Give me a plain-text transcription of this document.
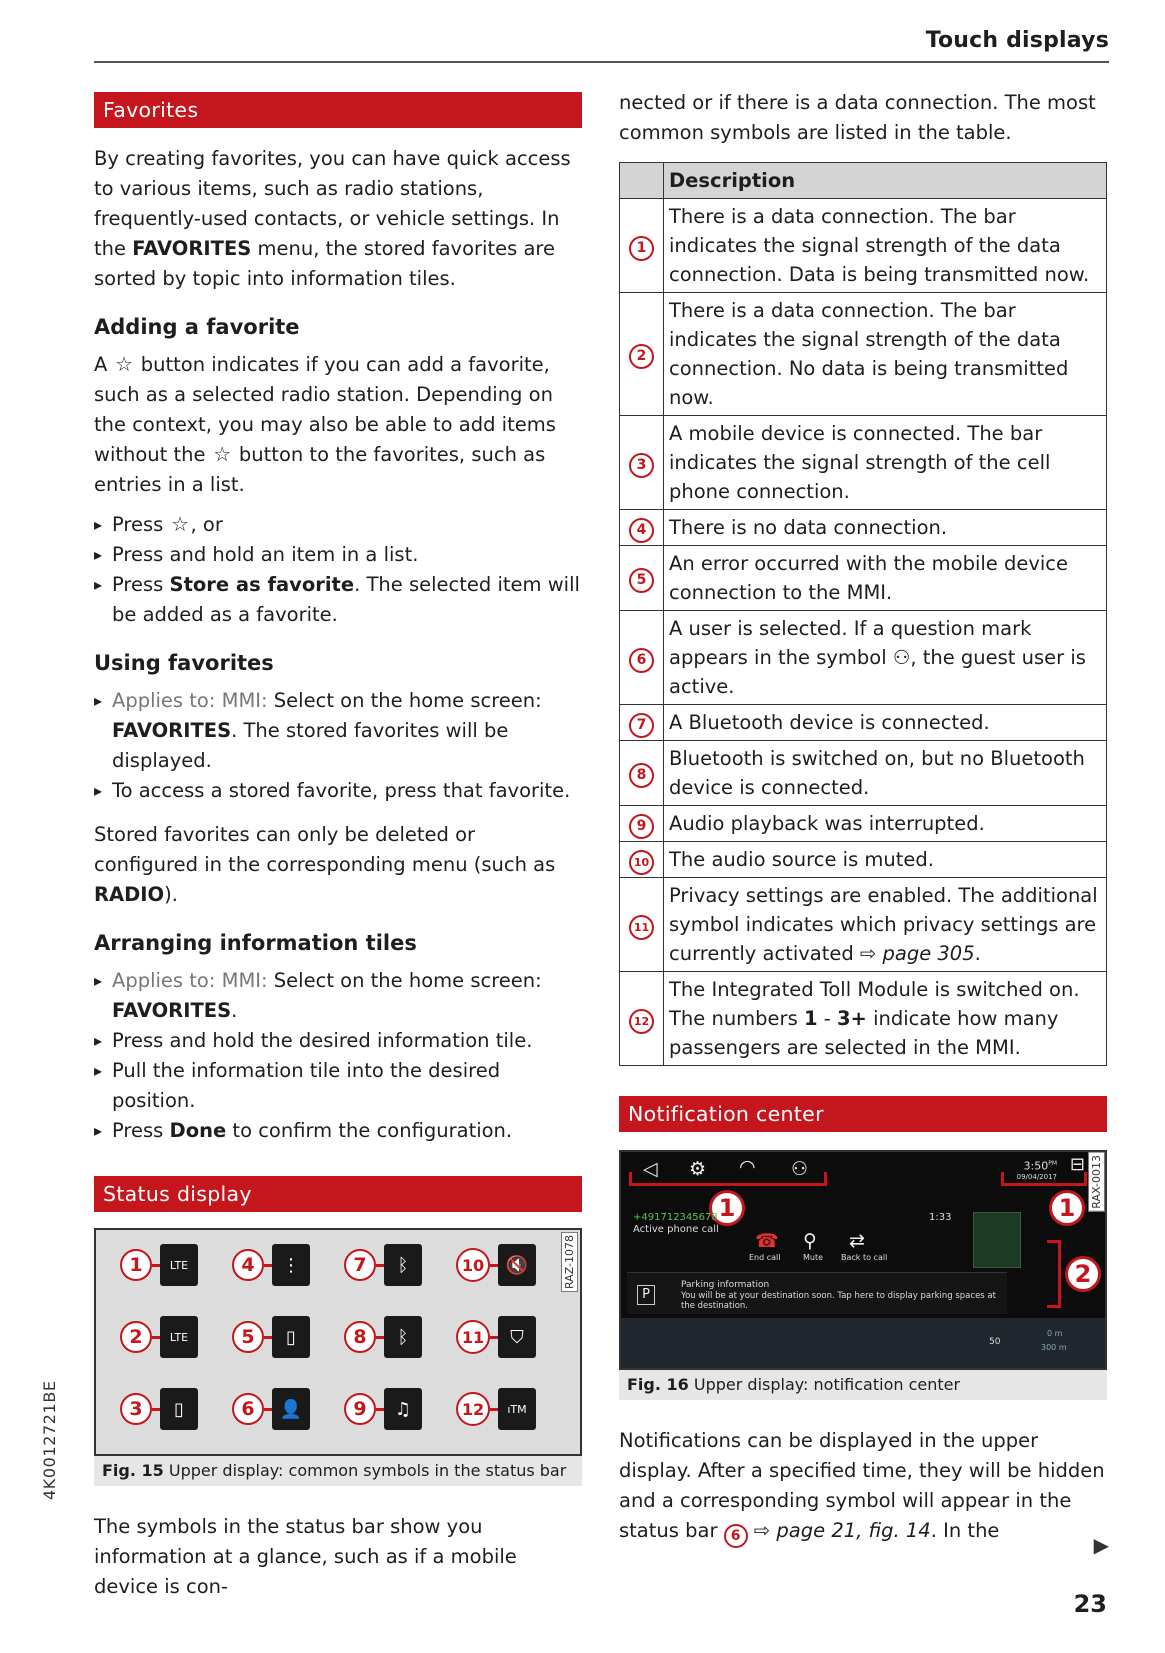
Touch displays
Favorites

By creating favorites, you can have quick access to various items, such as radio stations, frequently-used contacts, or vehicle settings. In the FAVORITES menu, the stored favorites are sorted by topic into information tiles.

Adding a favorite

A ☆ button indicates if you can add a favorite, such as a selected radio station. Depending on the context, you may also be able to add items without the ☆ button to the favorites, such as entries in a list.

▸ Press ☆, or
▸ Press and hold an item in a list.
▸ Press Store as favorite. The selected item will be added as a favorite.
Using favorites
▸ Applies to: MMI: Select on the home screen: FAVORITES. The stored favorites will be displayed.
▸ To access a stored favorite, press that favorite.

Stored favorites can only be deleted or configured in the corresponding menu (such as RADIO).

Arranging information tiles
▸ Applies to: MMI: Select on the home screen: FAVORITES.
▸ Press and hold the desired information tile.
▸ Pull the information tile into the desired position.
▸ Press Done to confirm the configuration.
Status display
1	LTE	4	⋮	7	ᛒ	10	🔇
2	LTE	5	▯	8	ᛒ	11	⛉
3	▯	6	👤	9	♫	12	ıTM
RAZ-1078
Fig. 15 Upper display: common symbols in the status bar

The symbols in the status bar show you information at a glance, such as if a mobile device is con-

nected or if there is a data connection. The most common symbols are listed in the table.

	Description
1	There is a data connection. The bar indicates the signal strength of the data connection. Data is being transmitted now.
2	There is a data connection. The bar indicates the signal strength of the data connection. No data is being transmitted now.
3	A mobile device is connected. The bar indicates the signal strength of the cell phone connection.
4	There is no data connection.
5	An error occurred with the mobile device connection to the MMI.
6	A user is selected. If a question mark appears in the symbol ⚇, the guest user is active.
7	A Bluetooth device is connected.
8	Bluetooth is switched on, but no Bluetooth device is connected.
9	Audio playback was interrupted.
10	The audio source is muted.
11	Privacy settings are enabled. The additional symbol indicates which privacy settings are currently activated ⇨ page 305.
12	The Integrated Toll Module is switched on. The numbers 1 - 3+ indicate how many passengers are selected in the MMI.
Notification center
◁ ⚙ ◠ ⚇
1
$3:50^{PM}$
09/04/2017
⊟
1	RAX-0013
+491712345678
Active phone call
1:33
☎
End call
⚲
Mute
⇄
Back to call
2
P
Parking information
You will be at your destination soon. Tap here to display parking spaces at the destination.
50
0 m
300 m
Fig. 16 Upper display: notification center

Notifications can be displayed in the upper display. After a specified time, they will be hidden and a corresponding symbol will appear in the status bar 6 ⇨ page 21, fig. 14. In the

4K0012721BE
▶
23
